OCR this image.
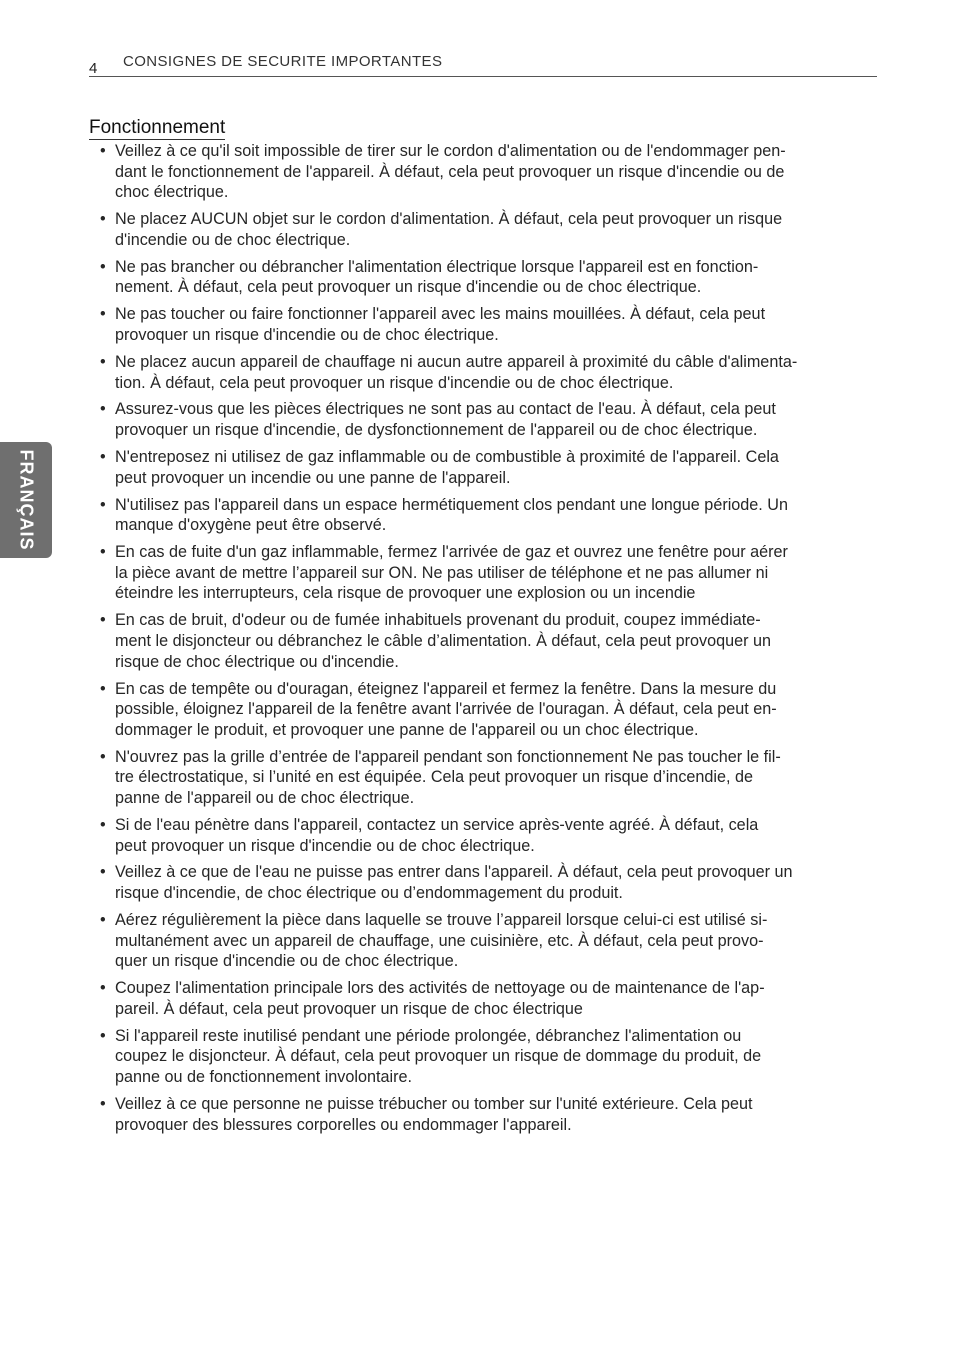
4 CONSIGNES DE SECURITE IMPORTANTES
FRANÇAIS
Fonctionnement
• Veillez à ce qu'il soit impossible de tirer sur le cordon d'alimentation ou de l'endommager pen-
dant le fonctionnement de l'appareil. À défaut, cela peut provoquer un risque d'incendie ou de
choc électrique.
• Ne placez AUCUN objet sur le cordon d'alimentation. À défaut, cela peut provoquer un risque
d'incendie ou de choc électrique.
• Ne pas brancher ou débrancher l'alimentation électrique lorsque l'appareil est en fonction-
nement. À défaut, cela peut provoquer un risque d'incendie ou de choc électrique.
• Ne pas toucher ou faire fonctionner l'appareil avec les mains mouillées. À défaut, cela peut
provoquer un risque d'incendie ou de choc électrique.
• Ne placez aucun appareil de chauffage ni aucun autre appareil à proximité du câble d'alimenta-
tion. À défaut, cela peut provoquer un risque d'incendie ou de choc électrique.
• Assurez-vous que les pièces électriques ne sont pas au contact de l'eau. À défaut, cela peut
provoquer un risque d'incendie, de dysfonctionnement de l'appareil ou de choc électrique.
• N'entreposez ni utilisez de gaz inflammable ou de combustible à proximité de l'appareil. Cela
peut provoquer un incendie ou une panne de l'appareil.
• N'utilisez pas l'appareil dans un espace hermétiquement clos pendant une longue période. Un
manque d'oxygène peut être observé.
• En cas de fuite d'un gaz inflammable, fermez l'arrivée de gaz et ouvrez une fenêtre pour aérer
la pièce avant de mettre l’appareil sur ON. Ne pas utiliser de téléphone et ne pas allumer ni
éteindre les interrupteurs, cela risque de provoquer une explosion ou un incendie
• En cas de bruit, d'odeur ou de fumée inhabituels provenant du produit, coupez immédiate-
ment le disjoncteur ou débranchez le câble d’alimentation. À défaut, cela peut provoquer un
risque de choc électrique ou d'incendie.
• En cas de tempête ou d'ouragan, éteignez l'appareil et fermez la fenêtre. Dans la mesure du
possible, éloignez l'appareil de la fenêtre avant l'arrivée de l'ouragan. À défaut, cela peut en-
dommager le produit, et provoquer une panne de l'appareil ou un choc électrique.
• N'ouvrez pas la grille d’entrée de l'appareil pendant son fonctionnement Ne pas toucher le fil-
tre électrostatique, si l’unité en est équipée. Cela peut provoquer un risque d’incendie, de
panne de l'appareil ou de choc électrique.
• Si de l'eau pénètre dans l'appareil, contactez un service après-vente agréé. À défaut, cela
peut provoquer un risque d'incendie ou de choc électrique.
• Veillez à ce que de l'eau ne puisse pas entrer dans l'appareil. À défaut, cela peut provoquer un
risque d'incendie, de choc électrique ou d’endommagement du produit.
• Aérez régulièrement la pièce dans laquelle se trouve l’appareil lorsque celui-ci est utilisé si-
multanément avec un appareil de chauffage, une cuisinière, etc. À défaut, cela peut provo-
quer un risque d'incendie ou de choc électrique.
• Coupez l'alimentation principale lors des activités de nettoyage ou de maintenance de l'ap-
pareil. À défaut, cela peut provoquer un risque de choc électrique
• Si l'appareil reste inutilisé pendant une période prolongée, débranchez l'alimentation ou
coupez le disjoncteur. À défaut, cela peut provoquer un risque de dommage du produit, de
panne ou de fonctionnement involontaire.
• Veillez à ce que personne ne puisse trébucher ou tomber sur l'unité extérieure. Cela peut
provoquer des blessures corporelles ou endommager l'appareil.
